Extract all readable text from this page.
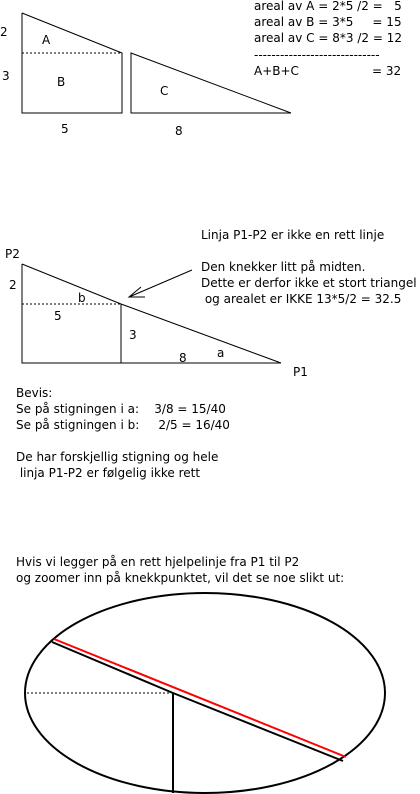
A
B
C
2
3
5	8
areal av A = 2*5 /2 =   5
areal av B = 3*5     = 15
areal av C = 8*3 /2 = 12
-----------------------------
A+B+C	= 32
Linja P1-P2 er ikke en rett linje
Den knekker litt på midten.
Dette er derfor ikke et stort triangel
og arealet er IKKE 13*5/2 = 32.5
P2
P1
2
b
5
3
8	a
Bevis:
Se på stigningen i a:    3/8 = 15/40
Se på stigningen i b:     2/5 = 16/40
De har forskjellig stigning og hele
linja P1-P2 er følgelig ikke rett
Hvis vi legger på en rett hjelpelinje fra P1 til P2
og zoomer inn på knekkpunktet, vil det se noe slikt ut:
